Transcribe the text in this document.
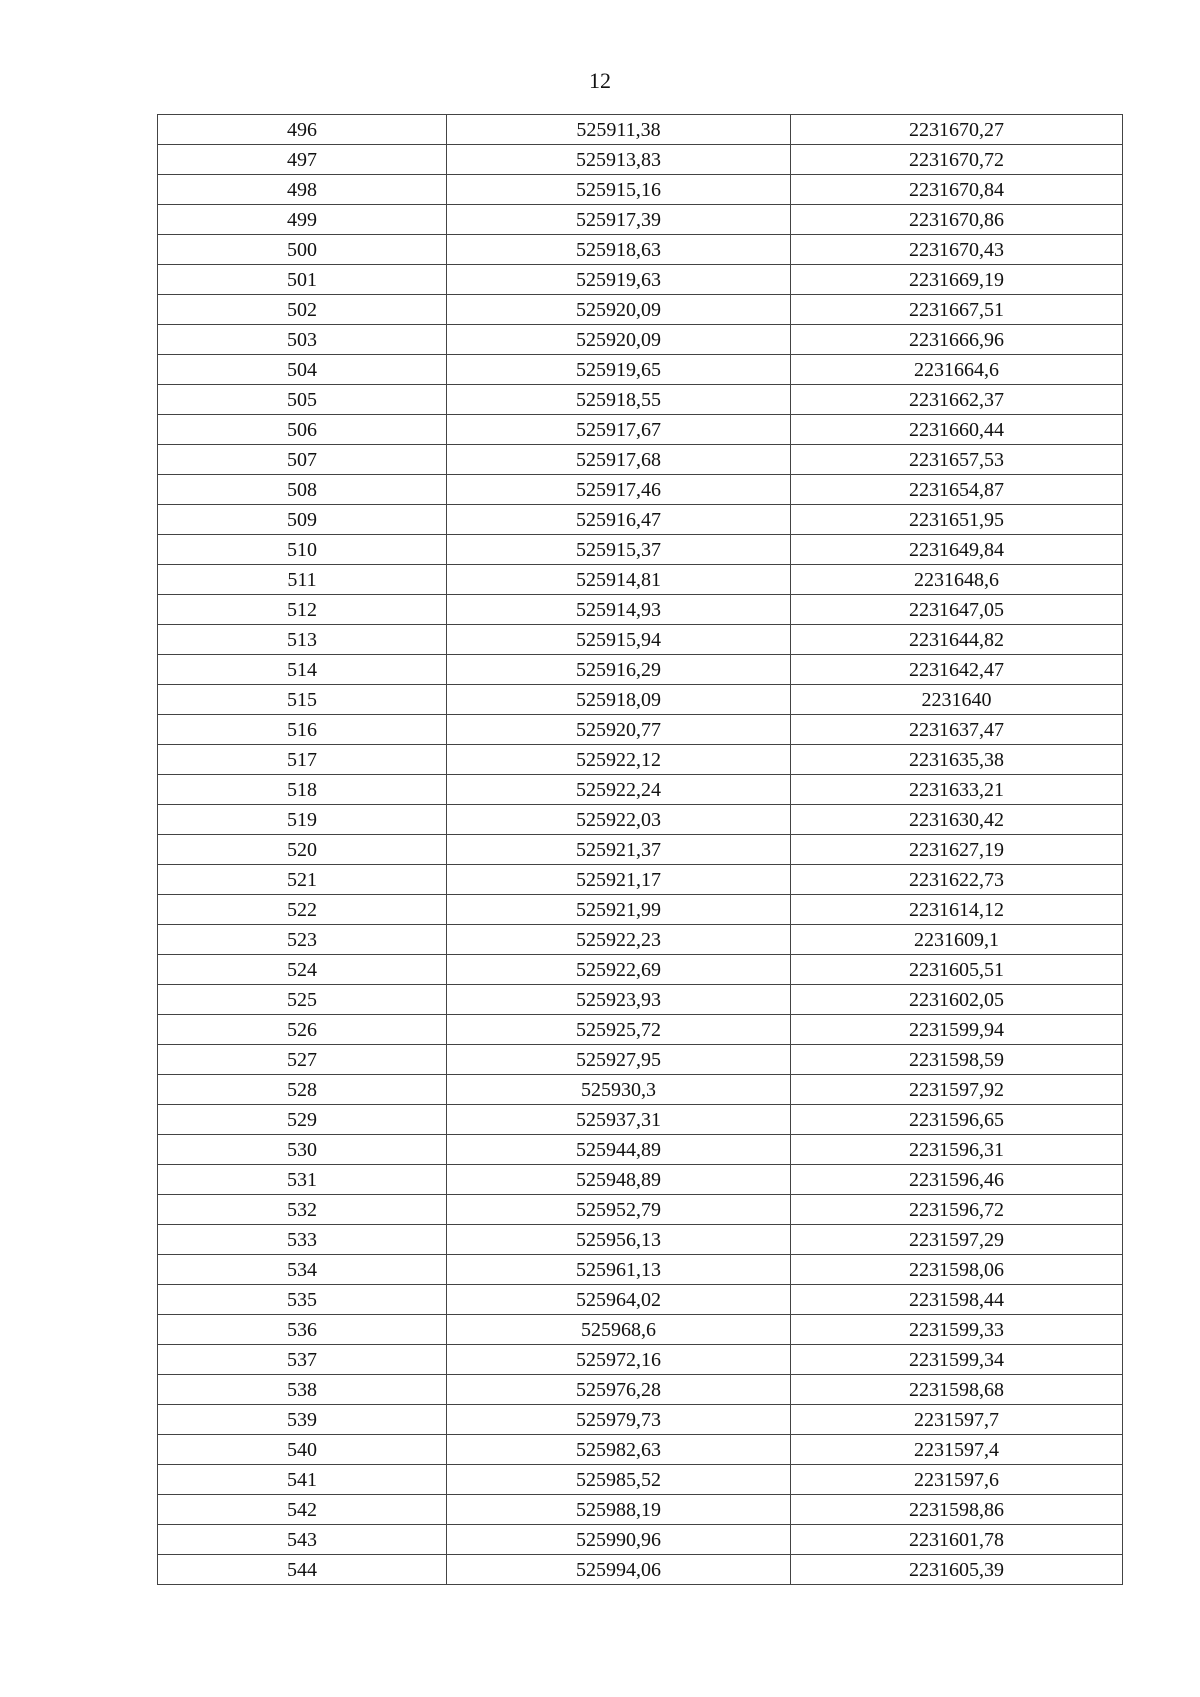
12
496	525911,38	2231670,27
497	525913,83	2231670,72
498	525915,16	2231670,84
499	525917,39	2231670,86
500	525918,63	2231670,43
501	525919,63	2231669,19
502	525920,09	2231667,51
503	525920,09	2231666,96
504	525919,65	2231664,6
505	525918,55	2231662,37
506	525917,67	2231660,44
507	525917,68	2231657,53
508	525917,46	2231654,87
509	525916,47	2231651,95
510	525915,37	2231649,84
511	525914,81	2231648,6
512	525914,93	2231647,05
513	525915,94	2231644,82
514	525916,29	2231642,47
515	525918,09	2231640
516	525920,77	2231637,47
517	525922,12	2231635,38
518	525922,24	2231633,21
519	525922,03	2231630,42
520	525921,37	2231627,19
521	525921,17	2231622,73
522	525921,99	2231614,12
523	525922,23	2231609,1
524	525922,69	2231605,51
525	525923,93	2231602,05
526	525925,72	2231599,94
527	525927,95	2231598,59
528	525930,3	2231597,92
529	525937,31	2231596,65
530	525944,89	2231596,31
531	525948,89	2231596,46
532	525952,79	2231596,72
533	525956,13	2231597,29
534	525961,13	2231598,06
535	525964,02	2231598,44
536	525968,6	2231599,33
537	525972,16	2231599,34
538	525976,28	2231598,68
539	525979,73	2231597,7
540	525982,63	2231597,4
541	525985,52	2231597,6
542	525988,19	2231598,86
543	525990,96	2231601,78
544	525994,06	2231605,39
